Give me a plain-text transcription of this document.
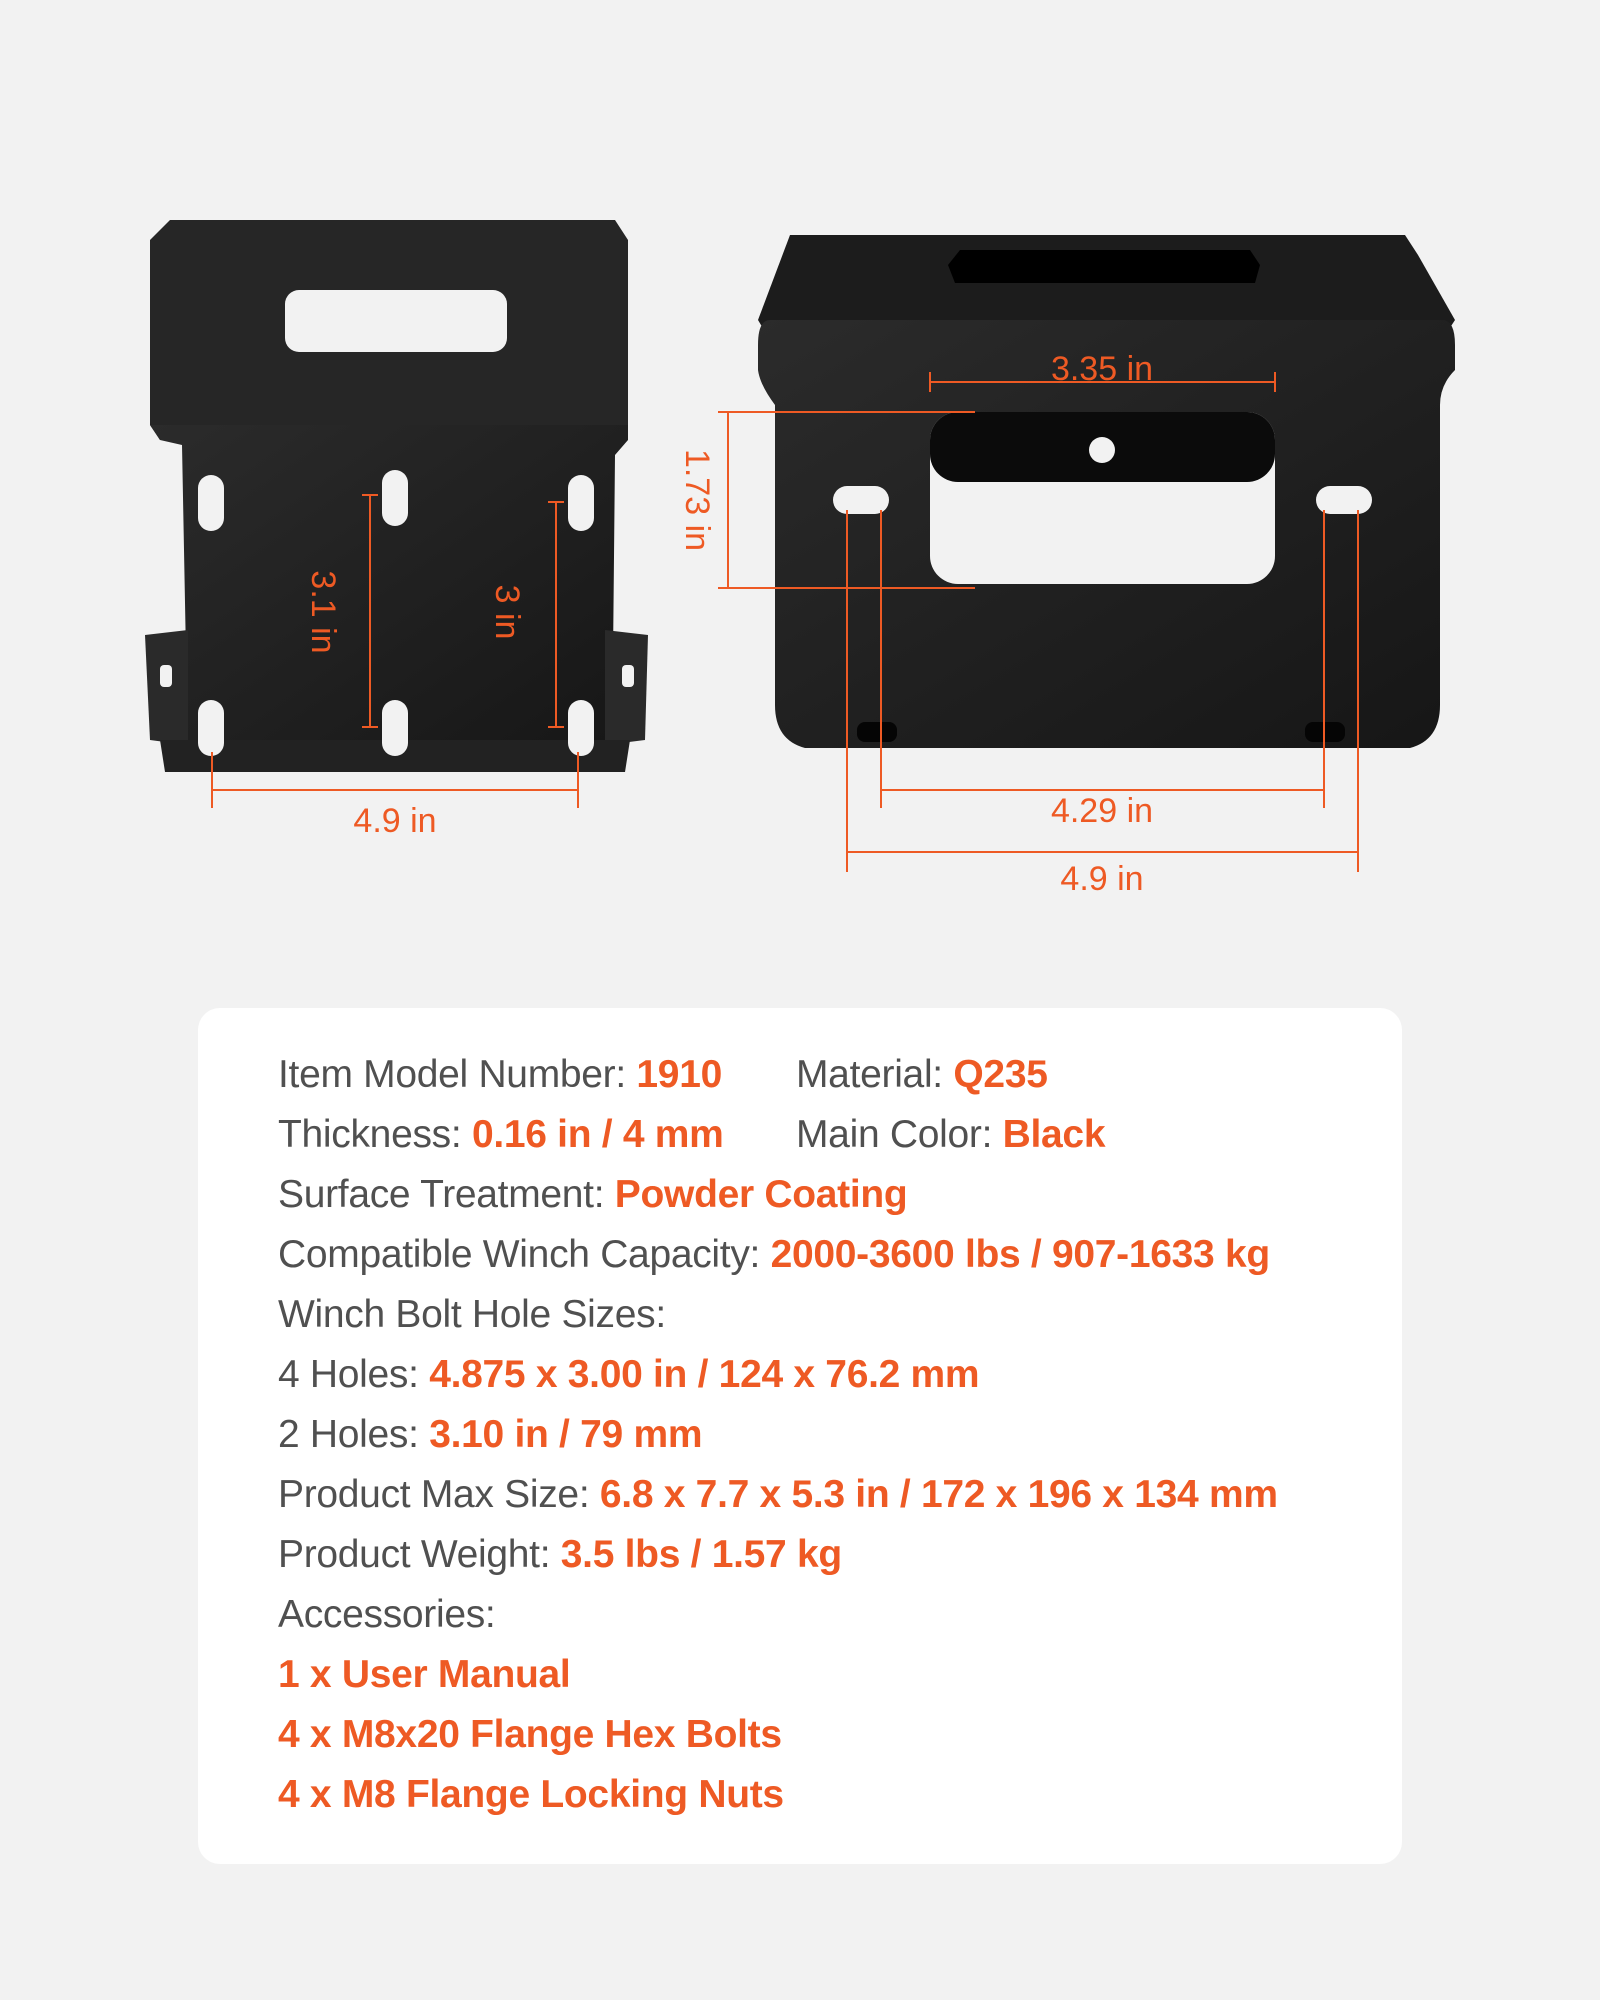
4.9 in
3.1 in	3 in
3.35 in
1.73 in
4.29 in
4.9 in
Item Model Number: 1910 Material: Q235
Thickness: 0.16 in / 4 mm Main Color: Black
Surface Treatment: Powder Coating
Compatible Winch Capacity: 2000-3600 lbs / 907-1633 kg
Winch Bolt Hole Sizes:
4 Holes: 4.875 x 3.00 in / 124 x 76.2 mm
2 Holes: 3.10 in / 79 mm
Product Max Size: 6.8 x 7.7 x 5.3 in / 172 x 196 x 134 mm
Product Weight: 3.5 lbs / 1.57 kg
Accessories:
1 x User Manual
4 x M8x20 Flange Hex Bolts
4 x M8 Flange Locking Nuts
